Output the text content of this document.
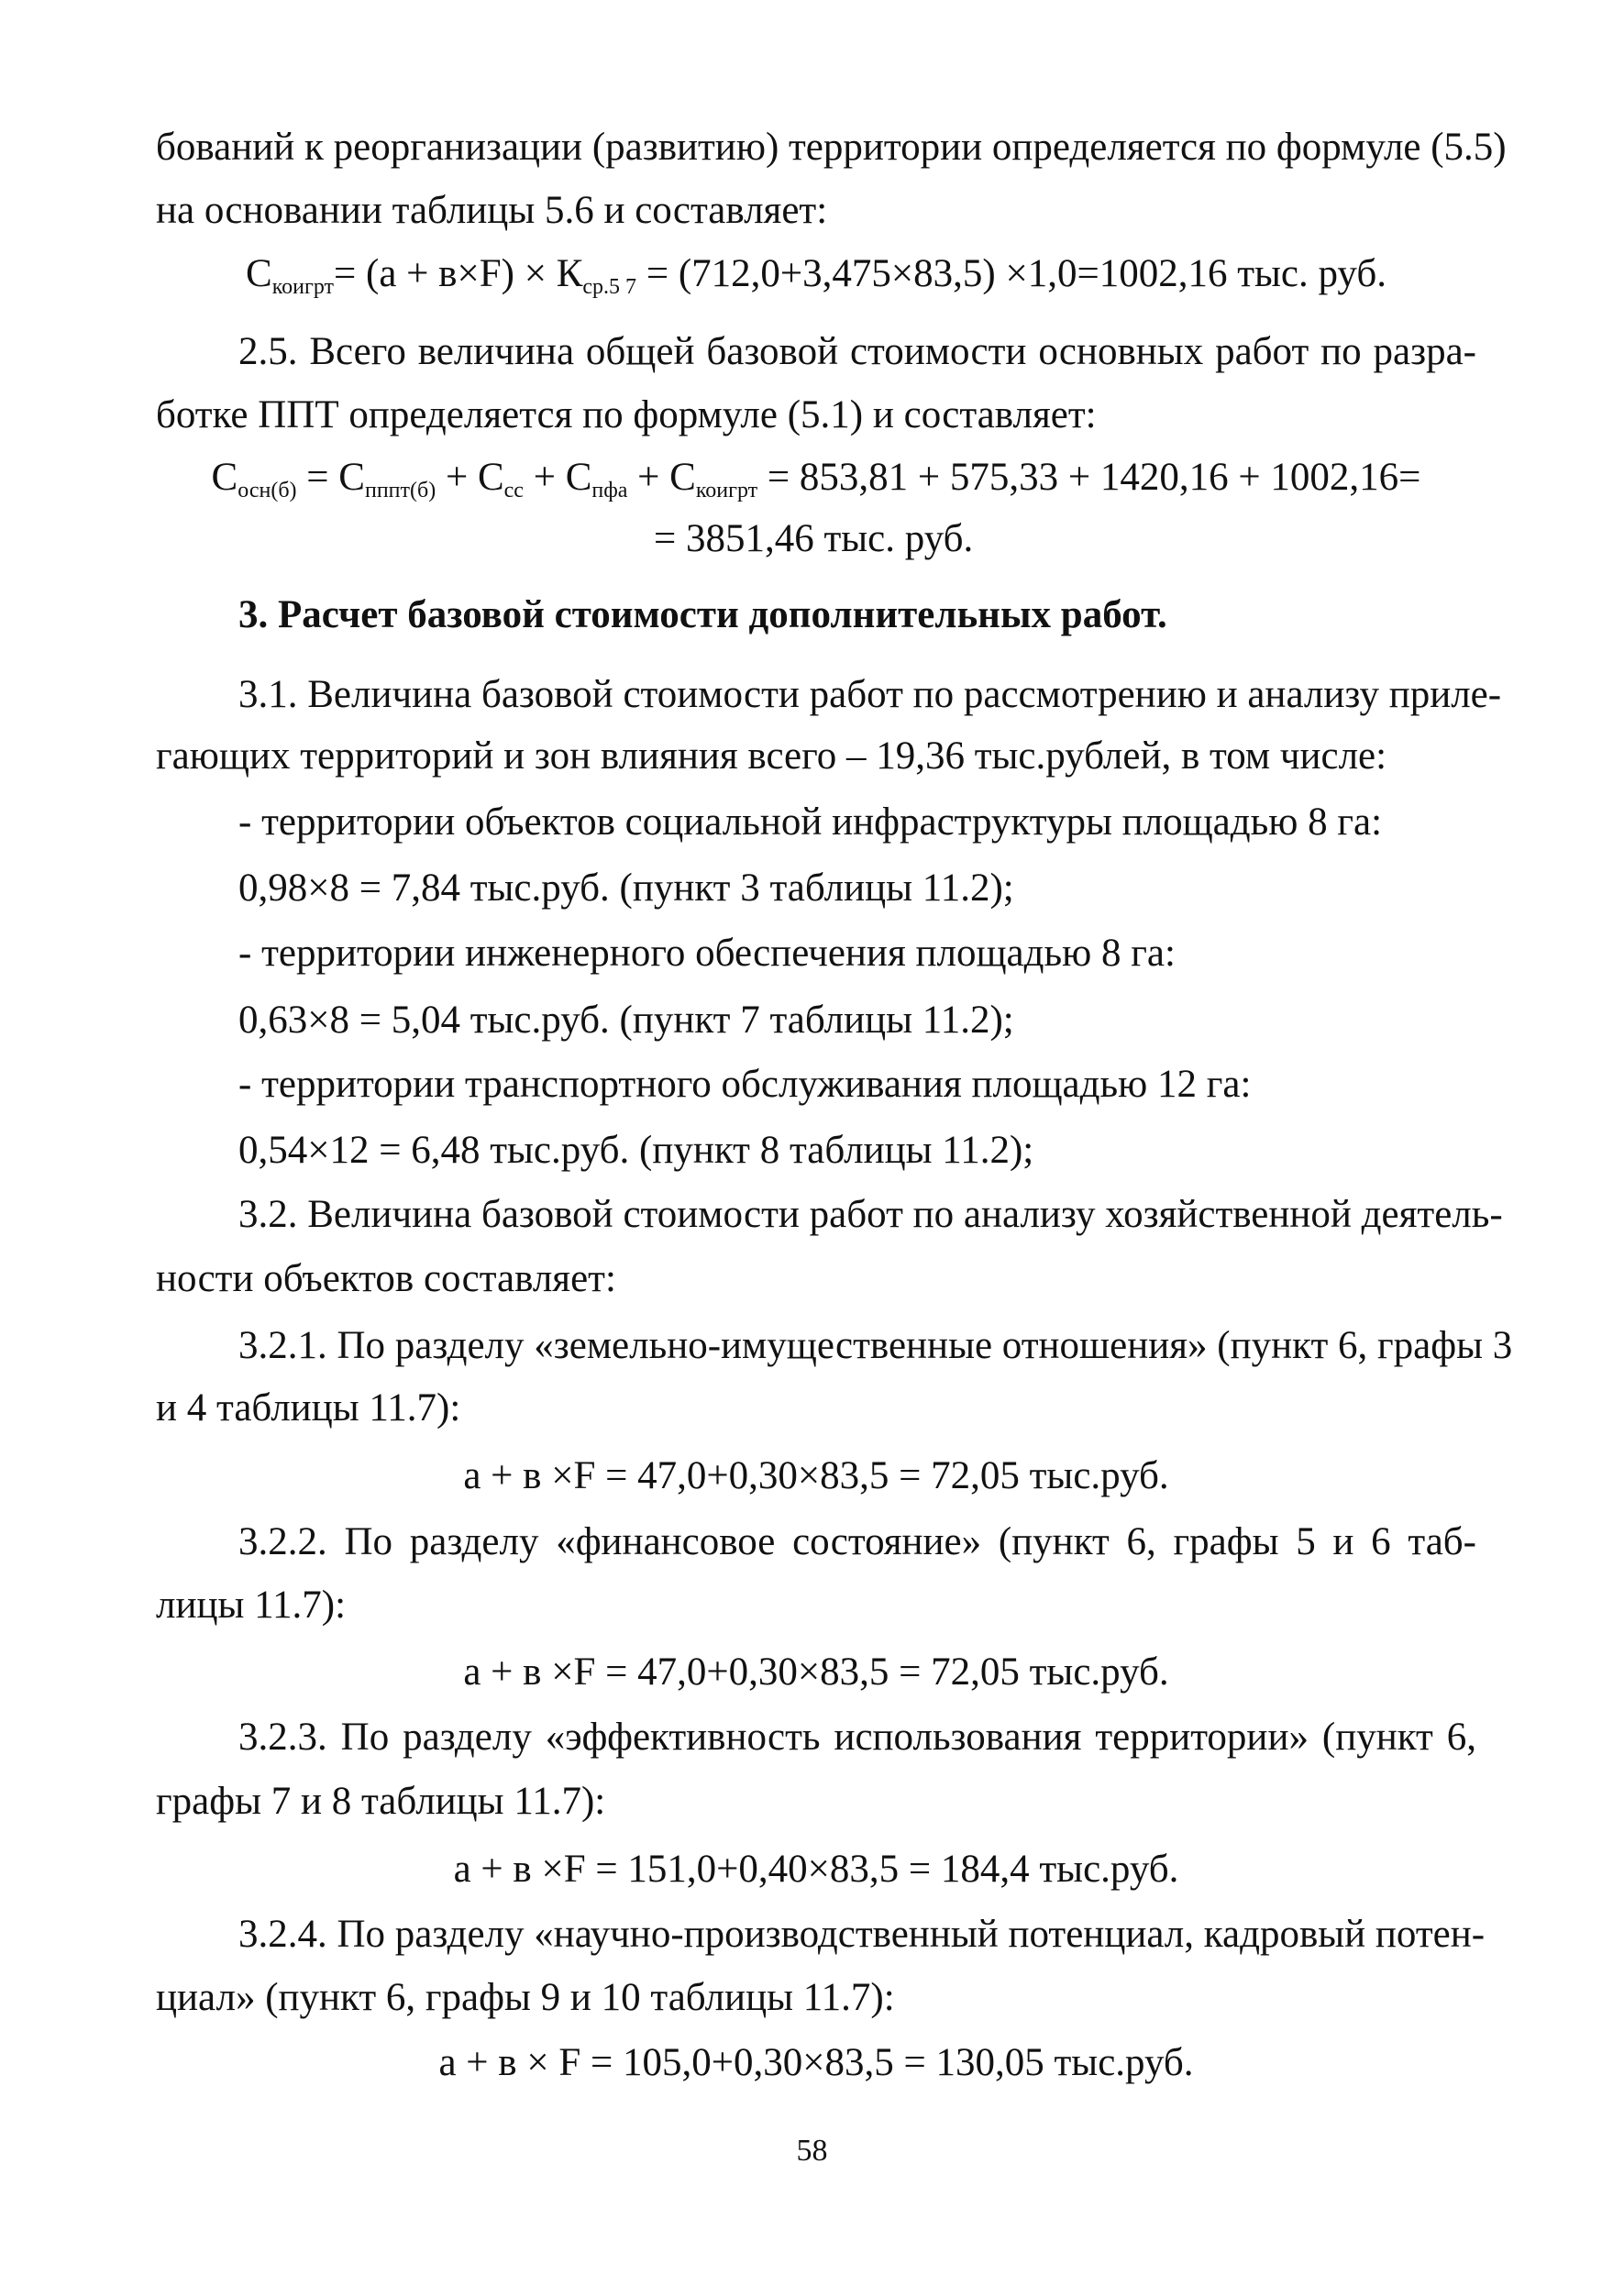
бований к реорганизации (развитию) территории определяется по формуле (5.5)
на основании таблицы 5.6 и составляет:
$С_{коигрт}= (а + в\times F) \times К_{ср.5 7} = (712,0+3,475\times 83,5) \times 1,0=1002,16$ тыс. руб.
2.5. Всего величина общей базовой стоимости основных работ по разра-
ботке ППТ определяется по формуле (5.1) и составляет:
$С_{осн(б)} = С_{пппт(б)} + С_{сс} + С_{пфа} + С_{коигрт} = 853,81 + 575,33 + 1420,16 + 1002,16=$
= 3851,46 тыс. руб.
3. Расчет базовой стоимости дополнительных работ.
3.1. Величина базовой стоимости работ по рассмотрению и анализу приле-
гающих территорий и зон влияния всего – 19,36 тыс.рублей, в том числе:
- территории объектов социальной инфраструктуры площадью 8 га:
0,98×8 = 7,84 тыс.руб. (пункт 3 таблицы 11.2);
- территории инженерного обеспечения площадью 8 га:
0,63×8 = 5,04 тыс.руб. (пункт 7 таблицы 11.2);
- территории транспортного обслуживания площадью 12 га:
0,54×12 = 6,48 тыс.руб. (пункт 8 таблицы 11.2);
3.2. Величина базовой стоимости работ по анализу хозяйственной деятель-
ности объектов составляет:
3.2.1. По разделу «земельно-имущественные отношения» (пункт 6, графы 3
и 4 таблицы 11.7):
а + в ×F = 47,0+0,30×83,5 = 72,05 тыс.руб.
3.2.2. По разделу «финансовое состояние» (пункт 6, графы 5 и 6 таб-
лицы 11.7):
а + в ×F = 47,0+0,30×83,5 = 72,05 тыс.руб.
3.2.3. По разделу «эффективность использования территории» (пункт 6,
графы 7 и 8 таблицы 11.7):
а + в ×F = 151,0+0,40×83,5 = 184,4 тыс.руб.
3.2.4. По разделу «научно-производственный потенциал, кадровый потен-
циал» (пункт 6, графы 9 и 10 таблицы 11.7):
а + в × F = 105,0+0,30×83,5 = 130,05 тыс.руб.
58
